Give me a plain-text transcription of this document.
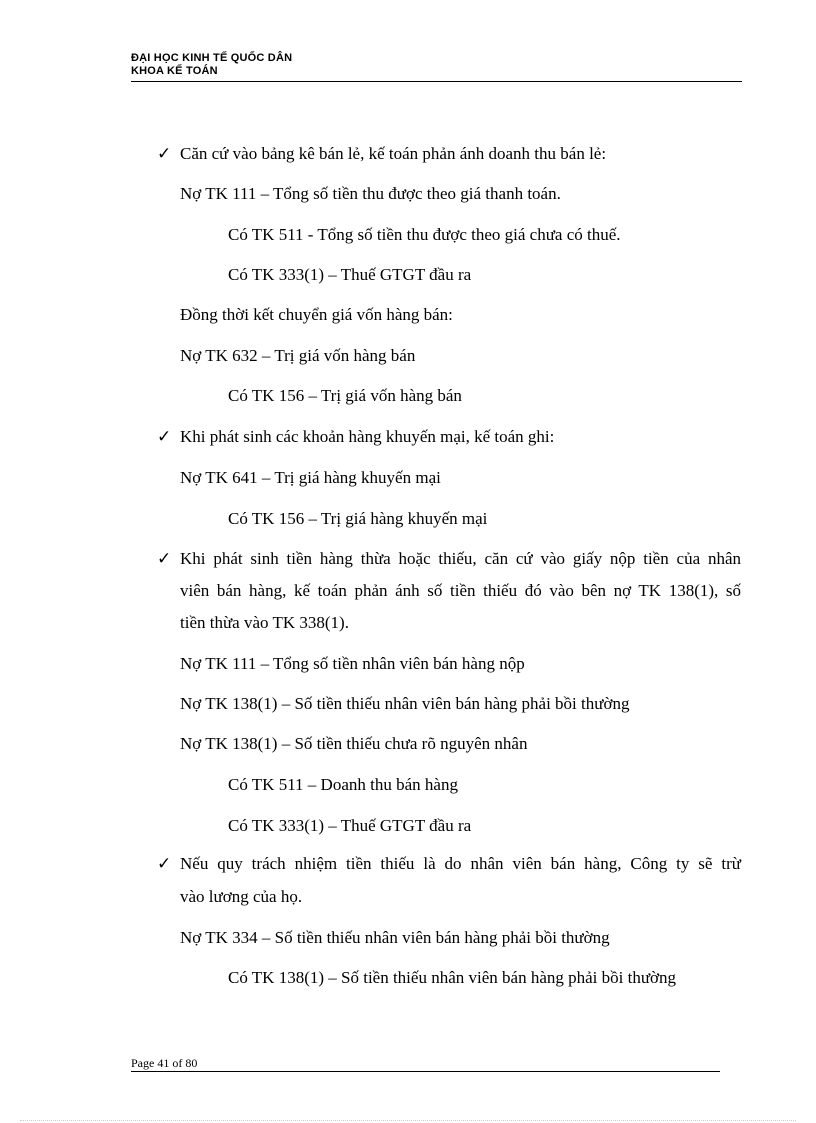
ĐẠI HỌC KINH TẾ QUỐC DÂN
KHOA KẾ TOÁN
✓ Căn cứ vào bảng kê bán lẻ, kế toán phản ánh doanh thu bán lẻ:
Nợ TK 111 – Tổng số tiền thu được theo giá thanh toán.
Có TK 511 - Tổng số tiền thu được theo giá chưa có thuế.
Có TK 333(1) – Thuế GTGT đầu ra
Đồng thời kết chuyển giá vốn hàng bán:
Nợ TK 632 – Trị giá vốn hàng bán
Có TK 156 – Trị giá vốn hàng bán
✓ Khi phát sinh các khoản hàng khuyến mại, kế toán ghi:
Nợ TK 641 – Trị giá hàng khuyến mại
Có TK 156 – Trị giá hàng khuyến mại
✓ Khi phát sinh tiền hàng thừa hoặc thiếu, căn cứ vào giấy nộp tiền của nhân
viên bán hàng, kế toán phản ánh số tiền thiếu đó vào bên nợ TK 138(1), số
tiền thừa vào TK 338(1).
Nợ TK 111 – Tổng số tiền nhân viên bán hàng nộp
Nợ TK 138(1) – Số tiền thiếu nhân viên bán hàng phải bồi thường
Nợ TK 138(1) – Số tiền thiếu chưa rõ nguyên nhân
Có TK 511 – Doanh thu bán hàng
Có TK 333(1) – Thuế GTGT đầu ra
✓ Nếu quy trách nhiệm tiền thiếu là do nhân viên bán hàng, Công ty sẽ trừ
vào lương của họ.
Nợ TK 334 – Số tiền thiếu nhân viên bán hàng phải bồi thường
Có TK 138(1) – Số tiền thiếu nhân viên bán hàng phải bồi thường
Page 41 of 80
